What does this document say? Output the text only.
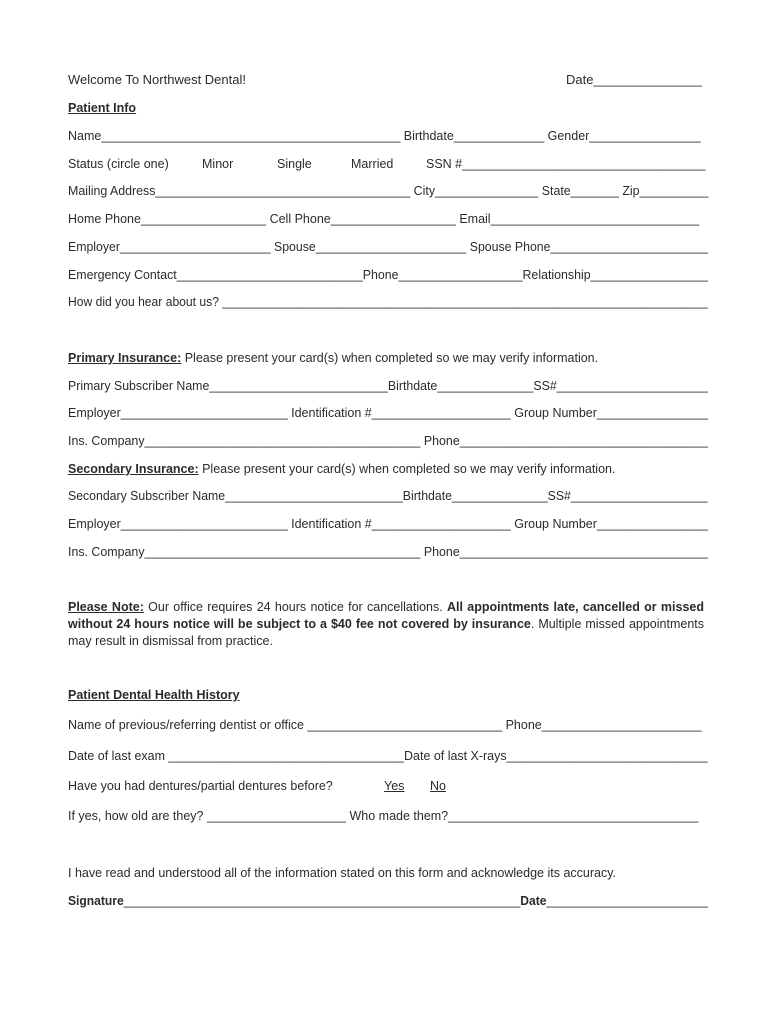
Welcome To Northwest Dental!	Date_______________
Patient Info
Name___________________________________________ Birthdate_____________ Gender________________
Status (circle one)	Minor	Single	Married	SSN #___________________________________
Mailing Address_____________________________________ City_______________ State_______ Zip__________
Home Phone__________________ Cell Phone__________________ Email______________________________
Employer______________________ Spouse______________________ Spouse Phone_______________________
Emergency Contact___________________________Phone__________________Relationship_________________
How did you hear about us? ________________________________________________________________________
Primary Insurance: Please present your card(s) when completed so we may verify information.
Primary Subscriber Name__________________________Birthdate______________SS#______________________
Employer________________________ Identification #____________________ Group Number________________
Ins. Company________________________________________ Phone____________________________________
Secondary Insurance: Please present your card(s) when completed so we may verify information.
Secondary Subscriber Name__________________________Birthdate______________SS#____________________
Employer________________________ Identification #____________________ Group Number________________
Ins. Company________________________________________ Phone____________________________________
Please Note: Our office requires 24 hours notice for cancellations. All appointments late, cancelled or missed without 24 hours notice will be subject to a $40 fee not covered by insurance. Multiple missed appointments may result in dismissal from practice.
Patient Dental Health History
Name of previous/referring dentist or office ____________________________ Phone_______________________
Date of last exam __________________________________Date of last X-rays_____________________________
Have you had dentures/partial dentures before?	Yes No
If yes, how old are they? ____________________ Who made them?____________________________________
I have read and understood all of the information stated on this form and acknowledge its accuracy.
Signature___________________________________________________________Date________________________
